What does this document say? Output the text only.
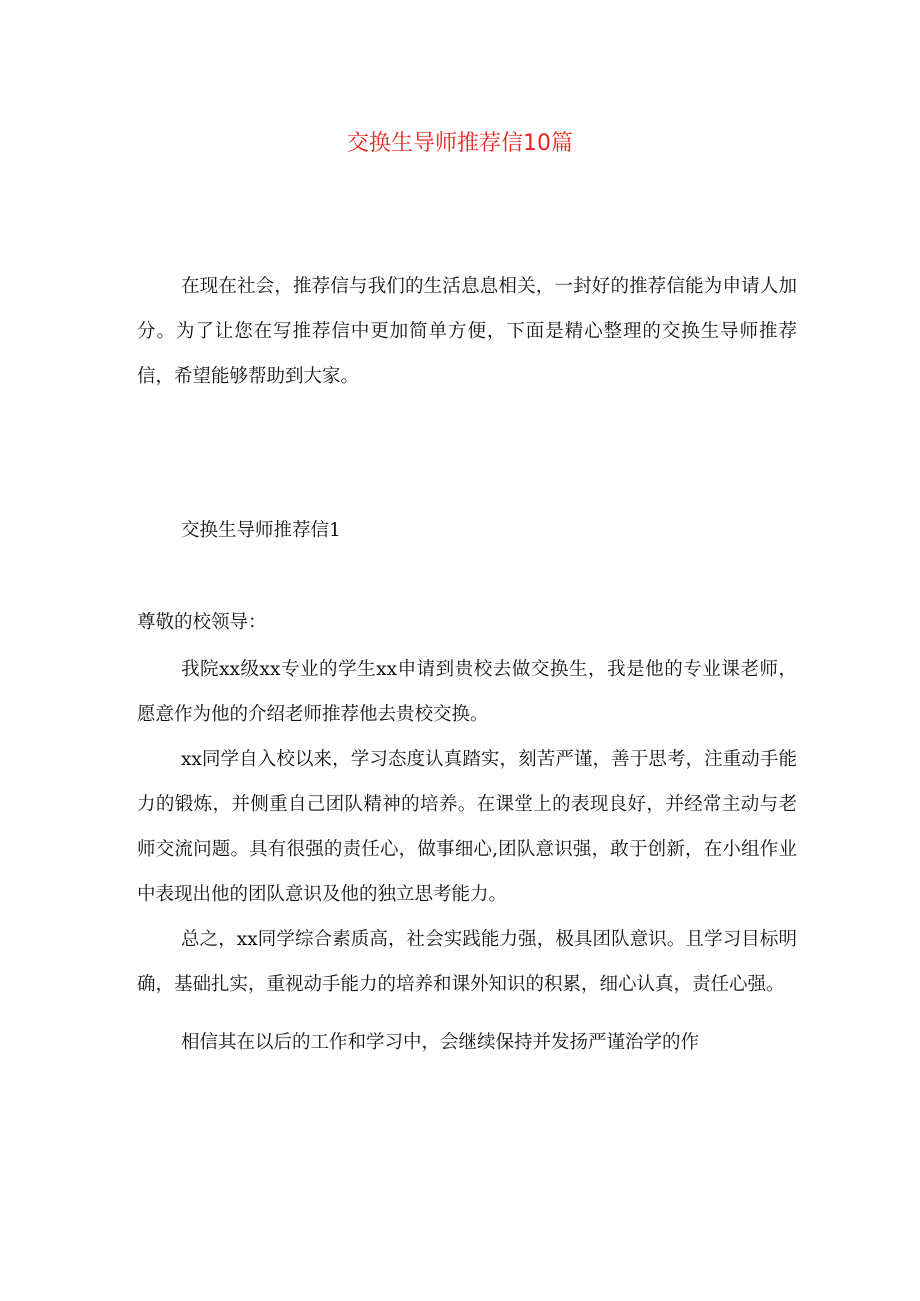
交换生导师推荐信10篇

在现在社会，推荐信与我们的生活息息相关，一封好的推荐信能为申请人加分。为了让您在写推荐信中更加简单方便，下面是精心整理的交换生导师推荐信，希望能够帮助到大家。

交换生导师推荐信1

尊敬的校领导：

我院xx级xx专业的学生xx申请到贵校去做交换生，我是他的专业课老师，愿意作为他的介绍老师推荐他去贵校交换。

xx同学自入校以来，学习态度认真踏实，刻苦严谨，善于思考，注重动手能力的锻炼，并侧重自己团队精神的培养。在课堂上的表现良好，并经常主动与老师交流问题。具有很强的责任心，做事细心,团队意识强，敢于创新，在小组作业中表现出他的团队意识及他的独立思考能力。

总之，xx同学综合素质高，社会实践能力强，极具团队意识。且学习目标明确，基础扎实，重视动手能力的培养和课外知识的积累，细心认真，责任心强。

相信其在以后的工作和学习中，会继续保持并发扬严谨治学的作
